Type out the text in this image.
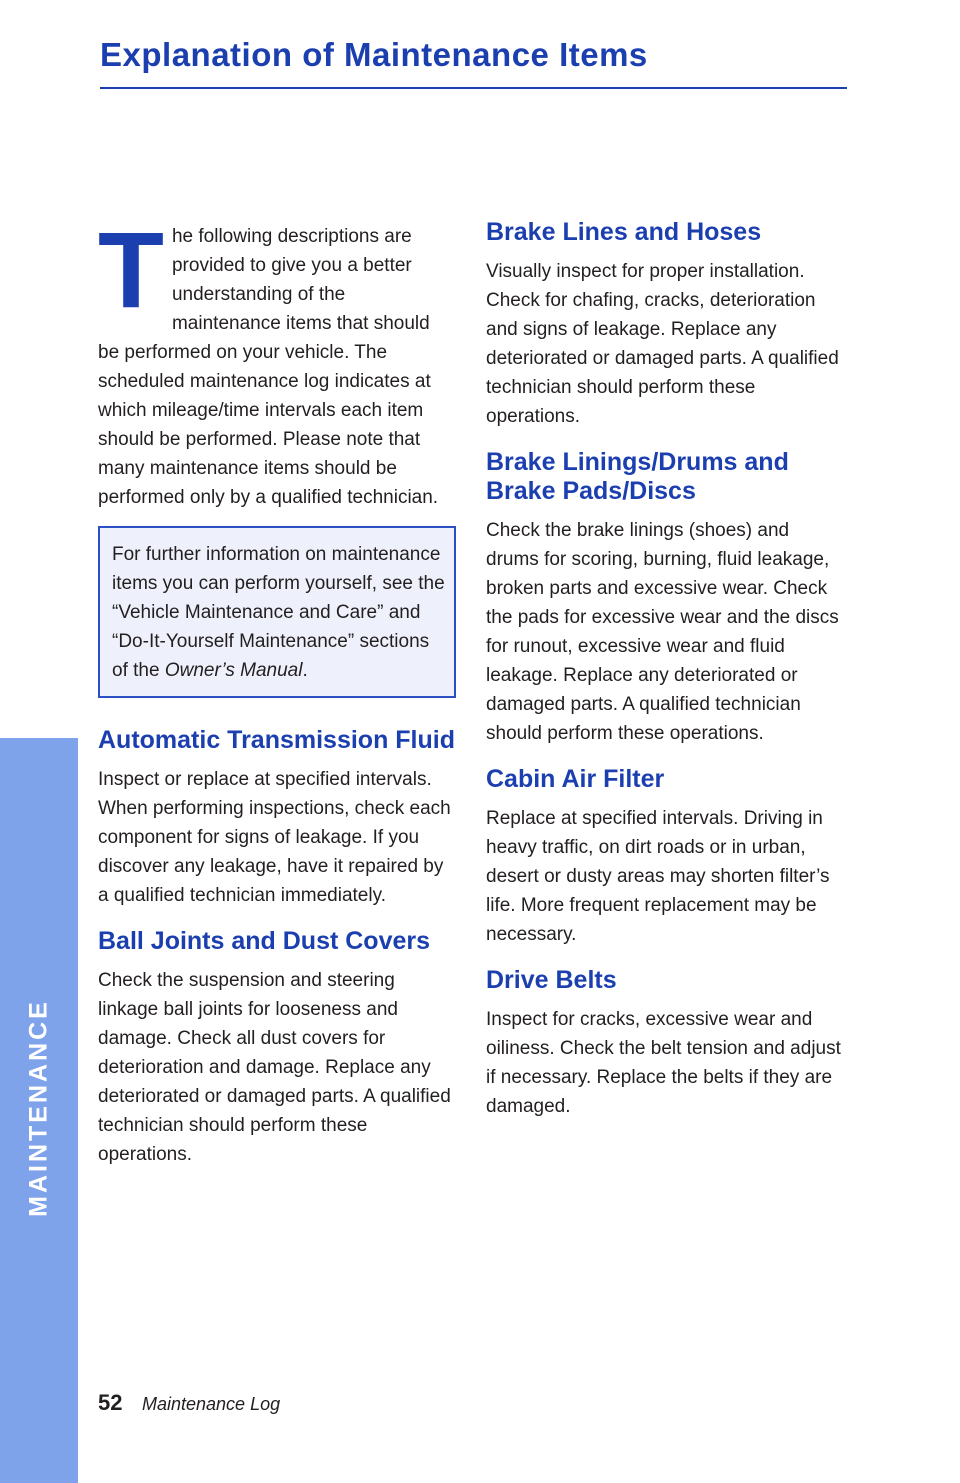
Explanation of Maintenance Items
MAINTENANCE
T he following descriptions are provided to give you a better understanding of the maintenance items that should be performed on your vehicle. The scheduled maintenance log indicates at which mileage/time intervals each item should be performed. Please note that many maintenance items should be performed only by a qualified technician.

For further information on maintenance items you can perform yourself, see the “Vehicle Maintenance and Care” and “Do-It-Yourself Maintenance” sections of the Owner’s Manual.

Automatic Transmission Fluid

Inspect or replace at specified intervals. When performing inspections, check each component for signs of leakage. If you discover any leakage, have it repaired by a qualified technician immediately.

Ball Joints and Dust Covers

Check the suspension and steering linkage ball joints for looseness and damage. Check all dust covers for deterioration and damage. Replace any deteriorated or damaged parts. A qualified technician should perform these operations.

Brake Lines and Hoses

Visually inspect for proper installation. Check for chafing, cracks, deterioration and signs of leakage. Replace any deteriorated or damaged parts. A qualified technician should perform these operations.

Brake Linings/Drums and Brake Pads/Discs

Check the brake linings (shoes) and drums for scoring, burning, fluid leakage, broken parts and excessive wear. Check the pads for excessive wear and the discs for runout, excessive wear and fluid leakage. Replace any deteriorated or damaged parts. A qualified technician should perform these operations.

Cabin Air Filter

Replace at specified intervals. Driving in heavy traffic, on dirt roads or in urban, desert or dusty areas may shorten filter’s life. More frequent replacement may be necessary.

Drive Belts

Inspect for cracks, excessive wear and oiliness. Check the belt tension and adjust if necessary. Replace the belts if they are damaged.

52 Maintenance Log
